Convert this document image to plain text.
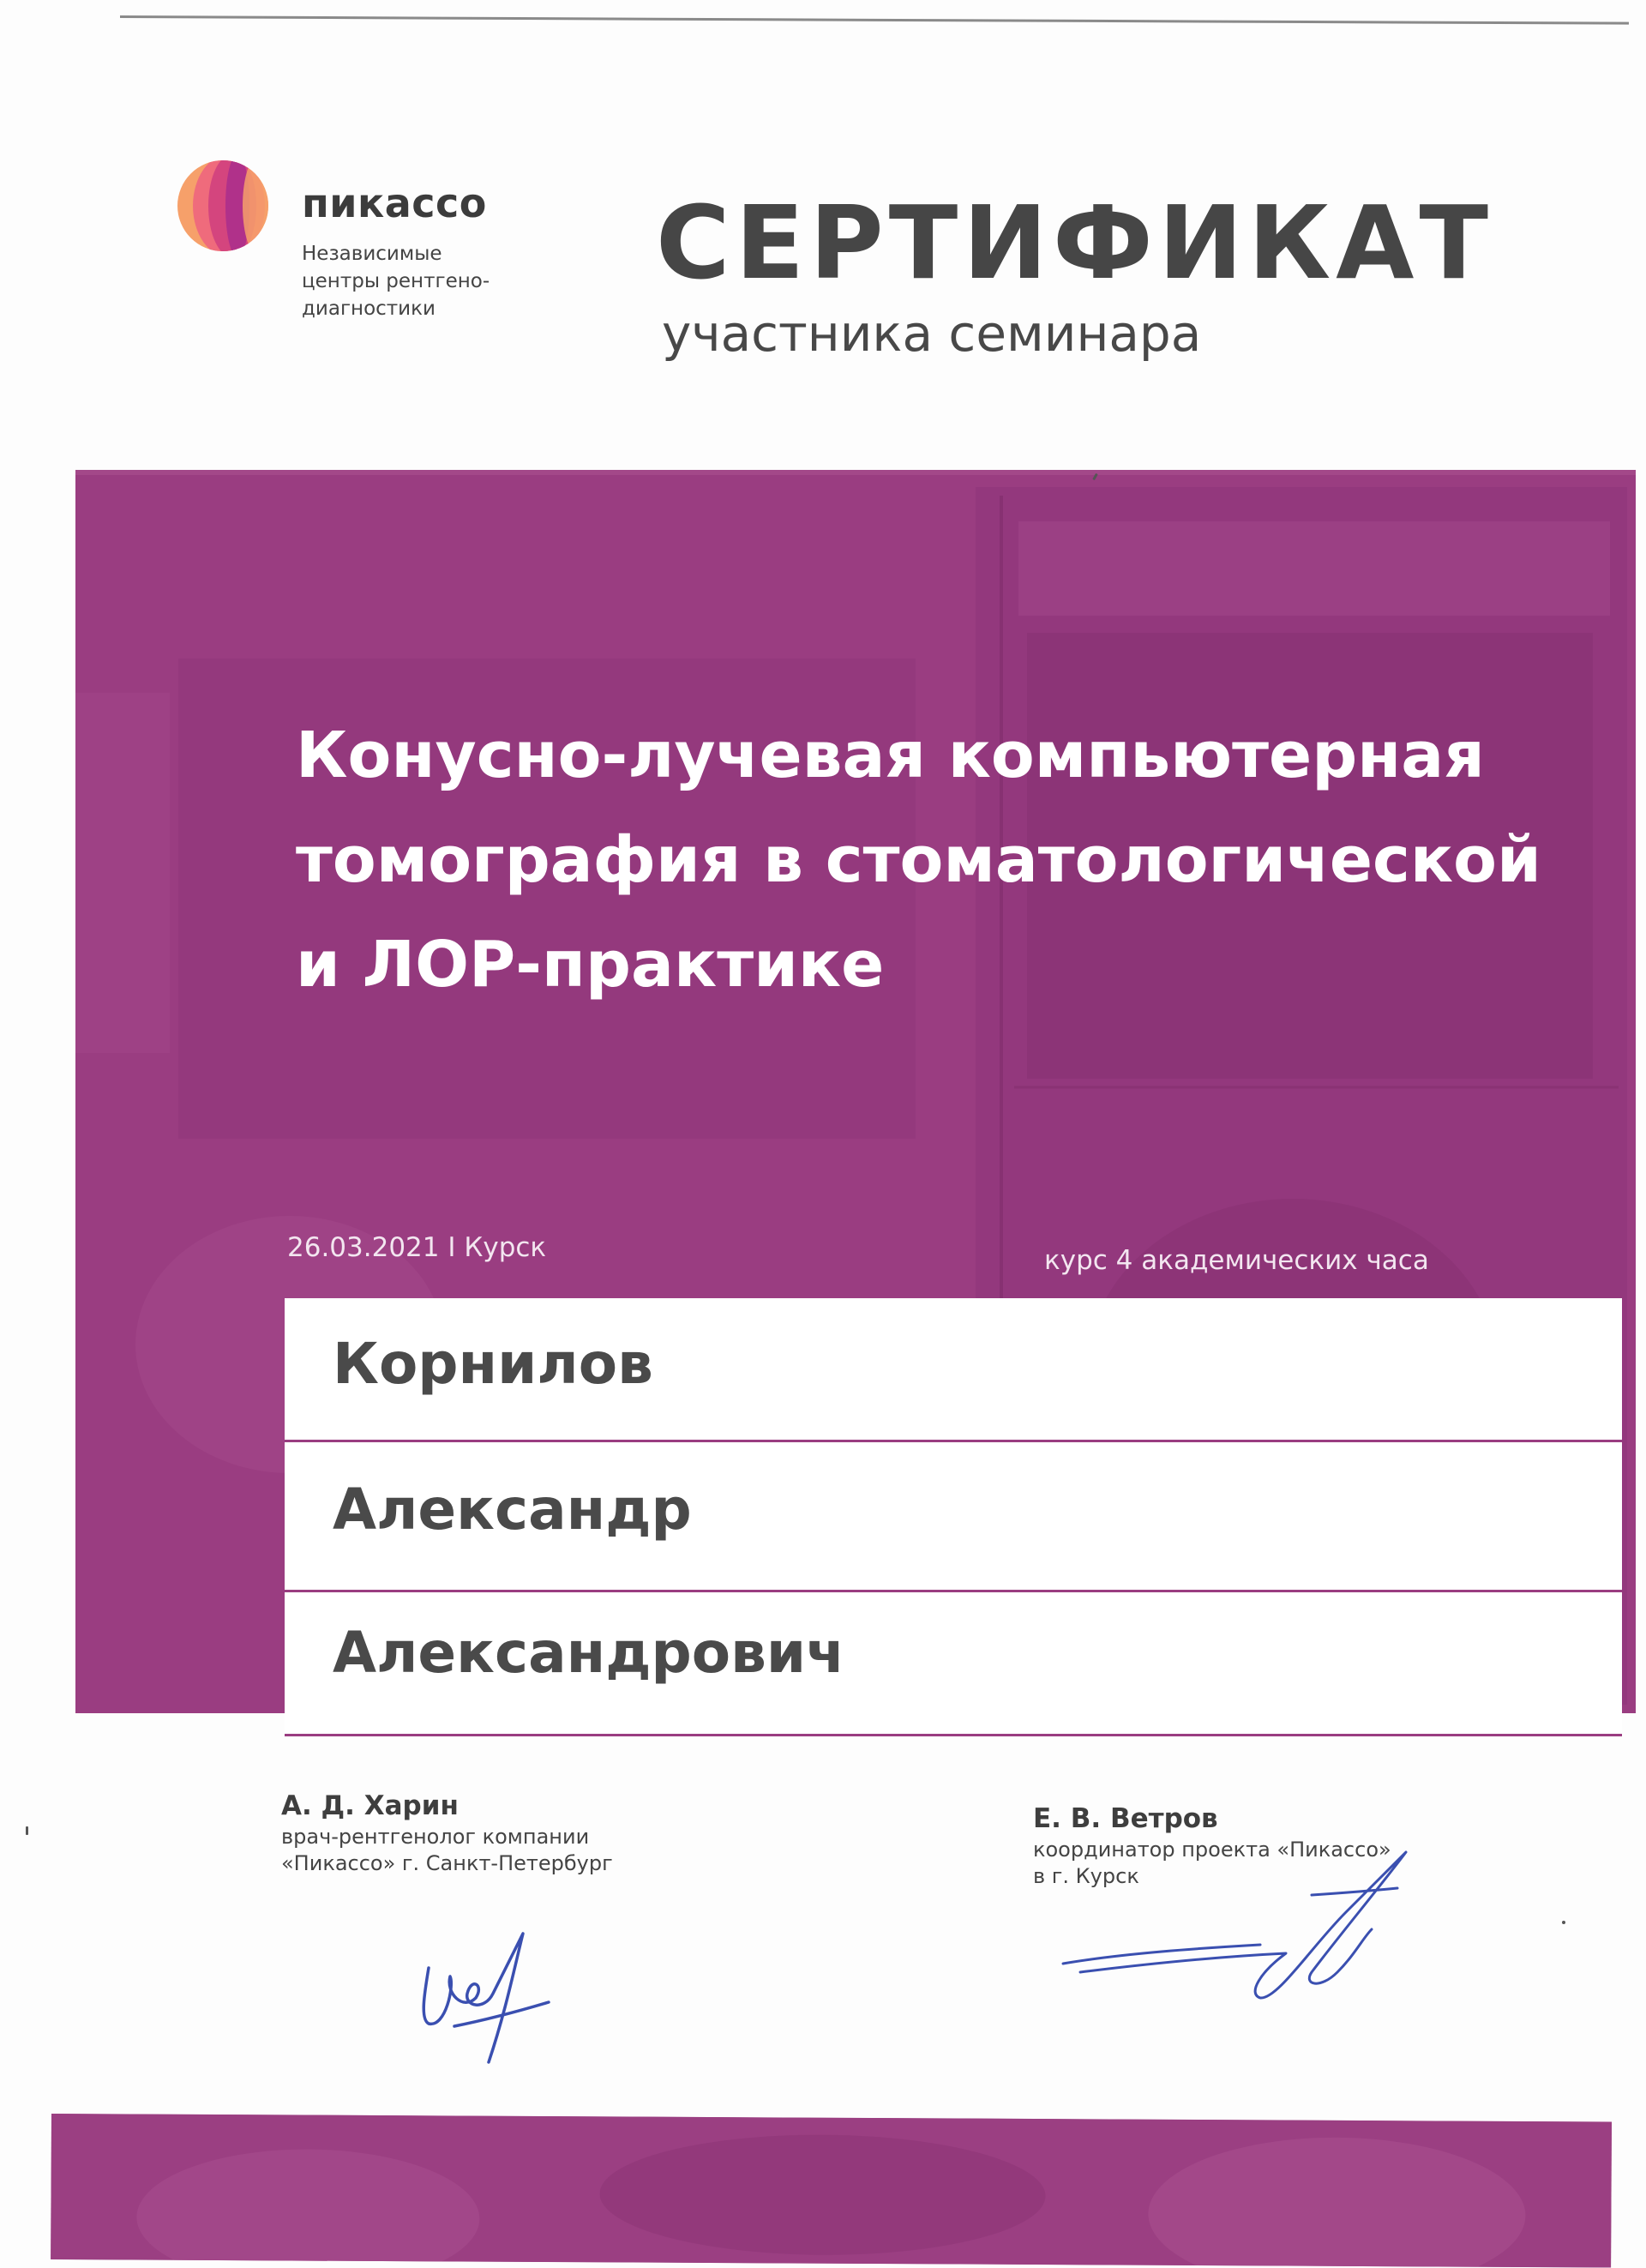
пикассо
Независимые
центры рентгено-
диагностики
СЕРТИФИКАТ
участника семинара
Конусно-лучевая компьютерная
томография в стоматологической
и ЛОР-практике
26.03.2021 I Курск	курс 4 академических часа
Корнилов
Александр
Александрович
А. Д. Харин
врач-рентгенолог компании
«Пикассо» г. Санкт-Петербург
Е. В. Ветров
координатор проекта «Пикассо»
в г. Курск
